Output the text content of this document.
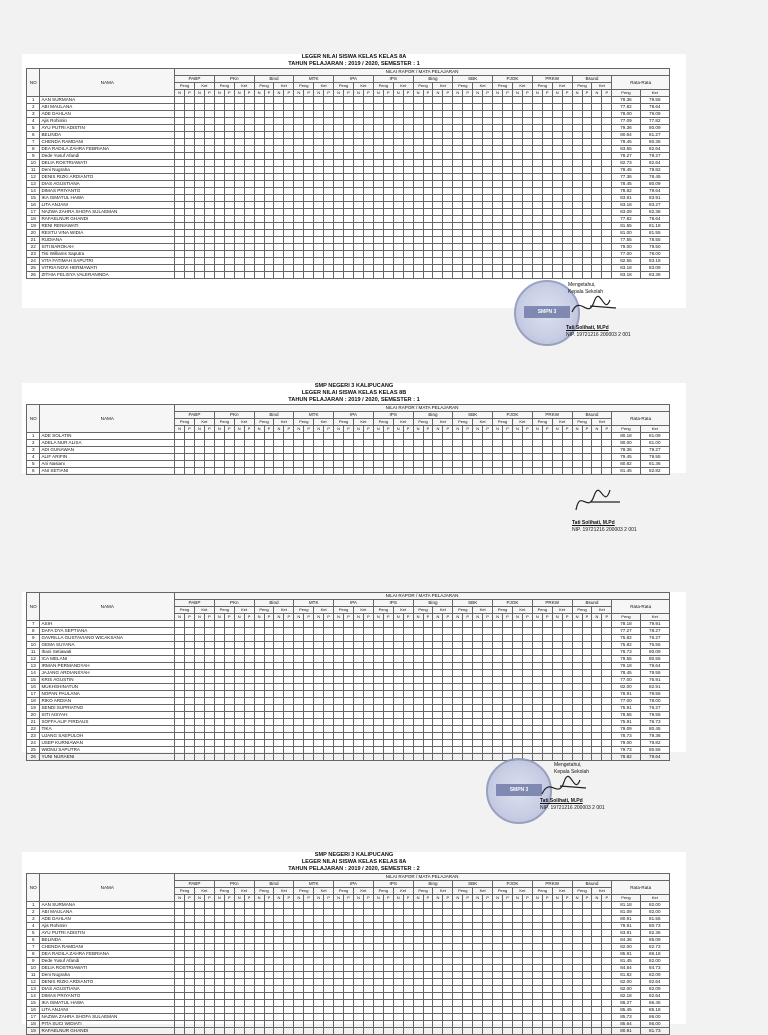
LEGER NILAI SISWA KELAS KELAS 8A
TAHUN PELAJARAN : 2019 / 2020, SEMESTER : 1
NO	NAMA	NILAI RAPOR / MATA PELAJARAN																																													
		PABP				PKn				Bind				MTK				IPA				IPS				Bing				SBK				PJOK				PRKW				Bsund				Rata-Rata	
		Peng		Ket		Peng		Ket		Peng		Ket		Peng		Ket		Peng		Ket		Peng		Ket		Peng		Ket		Peng		Ket		Peng		Ket		Peng		Ket		Peng		Ket			
		N	P	N	P	N	P	N	P	N	P	N	P	N	P	N	P	N	P	N	P	N	P	N	P	N	P	N	P	N	P	N	P	N	P	N	P	N	P	N	P	N	P	N	P	Peng	Ket
1	AAN SURMANA																																													78.36	79.55
2	ABI MAULANA																																													77.82	78.64
3	ADE DAHLAN																																													78.00	79.09
4	Ajis Rohimin																																													77.09	77.82
5	AYU PUTRI ADISTIN																																													79.36	80.09
6	BELINDA																																													80.64	81.27
7	CHENDA RAMDANI																																													79.45	80.36
8	DEA RADILA ZAHRA FEBRIANA																																													83.55	82.64
9	Dede Yusuf Afandi																																													78.27	79.27
10	DELIA ROSTRIAWATI																																													82.73	82.64
11	Deni Nugraha																																													78.45	79.82
12	DENIS RIZKI ARDIANTO																																													77.36	78.45
13	DIAS AGUSTIANA																																													78.45	80.09
14	DIMAS PRIYANTO																																													78.82	79.64
15	IKA ISMATUL HAWA																																													83.91	83.91
16	LITA ANJANI																																													83.18	83.27
17	NAZWA ZAHRA SHOFA SULAEMAN																																													83.09	82.36
18	RAFAELNUR GHANDI																																													77.82	78.64
19	RENI RENIAWATI																																													81.55	81.18
20	RESTU VINA WIDIA																																													81.00	81.55
21	RUDIANA																																													77.55	78.55
22	SITI BAROKAH																																													79.00	79.50
23	Tisi Williams Saputra																																													77.00	78.00
24	VITA FATIMAH SAPUTRI																																													82.55	83.18
25	VITRIA NOVI HERMAWATI																																													83.18	83.09
26	ZITHIA FELISYA VALERANINDA																																													83.18	83.36
SMPN 3
Mengetahui,
Kepala Sekolah
Tati Solihati, M.Pd
NIP. 19721216 200003 2 001
SMP NEGERI 3 KALIPUCANG
LEGER NILAI SISWA KELAS KELAS 8B
TAHUN PELAJARAN : 2019 / 2020, SEMESTER : 1
NO	NAMA	NILAI RAPOR / MATA PELAJARAN																																													
		PABP				PKn				Bind				MTK				IPA				IPS				Bing				SBK				PJOK				PRKW				Bsund				Rata-Rata	
		Peng		Ket		Peng		Ket		Peng		Ket		Peng		Ket		Peng		Ket		Peng		Ket		Peng		Ket		Peng		Ket		Peng		Ket		Peng		Ket		Peng		Ket			
		N	P	N	P	N	P	N	P	N	P	N	P	N	P	N	P	N	P	N	P	N	P	N	P	N	P	N	P	N	P	N	P	N	P	N	P	N	P	N	P	N	P	N	P	Peng	Ket
1	ADE SOLATIN																																													80.18	81.09
2	ADELA NUR ALISA																																													80.00	81.00
3	ADI GUNAWAN																																													78.36	79.27
4	ALIF ARIFIN																																													79.45	79.55
5	Ani Nasiani																																													80.82	81.36
6	ANI SETIANI																																													81.45	82.82
Tati Solihati, M.Pd
NIP. 19721216 200003 2 001
NO	NAMA	NILAI RAPOR / MATA PELAJARAN																																													
		PABP				PKn				Bind				MTK				IPA				IPS				Bing				SBK				PJOK				PRKW				Bsund				Rata-Rata	
		Peng		Ket		Peng		Ket		Peng		Ket		Peng		Ket		Peng		Ket		Peng		Ket		Peng		Ket		Peng		Ket		Peng		Ket		Peng		Ket		Peng		Ket			
		N	P	N	P	N	P	N	P	N	P	N	P	N	P	N	P	N	P	N	P	N	P	N	P	N	P	N	P	N	P	N	P	N	P	N	P	N	P	N	P	N	P	N	P	Peng	Ket
7	ASIH																																													78.18	79.91
8	DAFA DYA SEPTIANA																																													77.27	78.27
9	GAVRILLA GUSTAVIANO WICAKSANA																																													75.82	76.27
10	GEMA SUYANA																																													75.82	76.55
11	Ihani Setiawati																																													78.73	80.09
12	ICA MELANI																																													79.55	80.55
13	IRMAN PERMANDYAH																																													79.18	79.64
14	JAJANG ARDIANSYAH																																													78.45	79.55
15	KRIS AGUSTIN																																													77.00	76.91
16	MUKHSHINATUN																																													82.00	82.91
17	NOPAN PAULANA																																													78.91	79.55
18	RIKO ARDIAN																																													77.00	78.00
19	SENDI SUPRIATNO																																													75.91	76.27
20	SITI AISYAH																																													78.55	79.55
21	SOFFA ALIF FIRDAUS																																													75.91	76.73
22	TIKA																																													79.09	80.45
23	UJANG SAEPULOH																																													78.73	79.36
24	USEP KURNIAWAN																																													79.00	79.82
25	WIDNU SAPUTRA																																													79.73	80.55
26	YUNI NURAENI																																													78.82	79.64
SMPN 3
Mengetahui,
Kepala Sekolah
Tati Solihati, M.Pd
NIP. 19721216 200003 2 001
SMP NEGERI 3 KALIPUCANG
LEGER NILAI SISWA KELAS KELAS 8A
TAHUN PELAJARAN : 2019 / 2020, SEMESTER : 2
NO	NAMA	NILAI RAPOR / MATA PELAJARAN																																													
		PABP				PKn				Bind				MTK				IPA				IPS				Bing				SBK				PJOK				PRKW				Bsund				Rata-Rata	
		Peng		Ket		Peng		Ket		Peng		Ket		Peng		Ket		Peng		Ket		Peng		Ket		Peng		Ket		Peng		Ket		Peng		Ket		Peng		Ket		Peng		Ket			
		N	P	N	P	N	P	N	P	N	P	N	P	N	P	N	P	N	P	N	P	N	P	N	P	N	P	N	P	N	P	N	P	N	P	N	P	N	P	N	P	N	P	N	P	Peng	Ket
1	AAN SURMANA																																													81.18	82.00
2	ABI MAULANA																																													81.09	82.00
3	ADE DAHLAN																																													80.91	81.55
4	Ajis Rohimin																																													79.91	80.73
5	AYU PUTRI ADISTIN																																													83.91	82.36
6	BELINDA																																													84.36	85.09
7	CHENDA RAMDANI																																													82.00	82.73
8	DEA RADILA ZAHRA FEBRIANA																																													85.91	86.18
9	Dede Yusuf Afandi																																													81.45	82.00
10	DELIA ROSTRIAWATI																																													84.64	84.73
11	Deni Nugraha																																													81.82	82.09
12	DENIS RIZKI ARDIANTO																																													82.00	82.64
13	DIAS AGUSTIANA																																													82.00	82.09
14	DIMAS PRIYANTO																																													82.18	82.64
15	IKA ISMATUL HAWA																																													86.27	86.45
16	LITA ANJANI																																													85.45	85.18
17	NAZWA ZAHRA SHOFA SULAEMAN																																													85.73	86.00
18	PITA SUCI WIDIATI																																													85.64	86.00
19	RAFAELNUR GHANDI																																													80.91	81.73
